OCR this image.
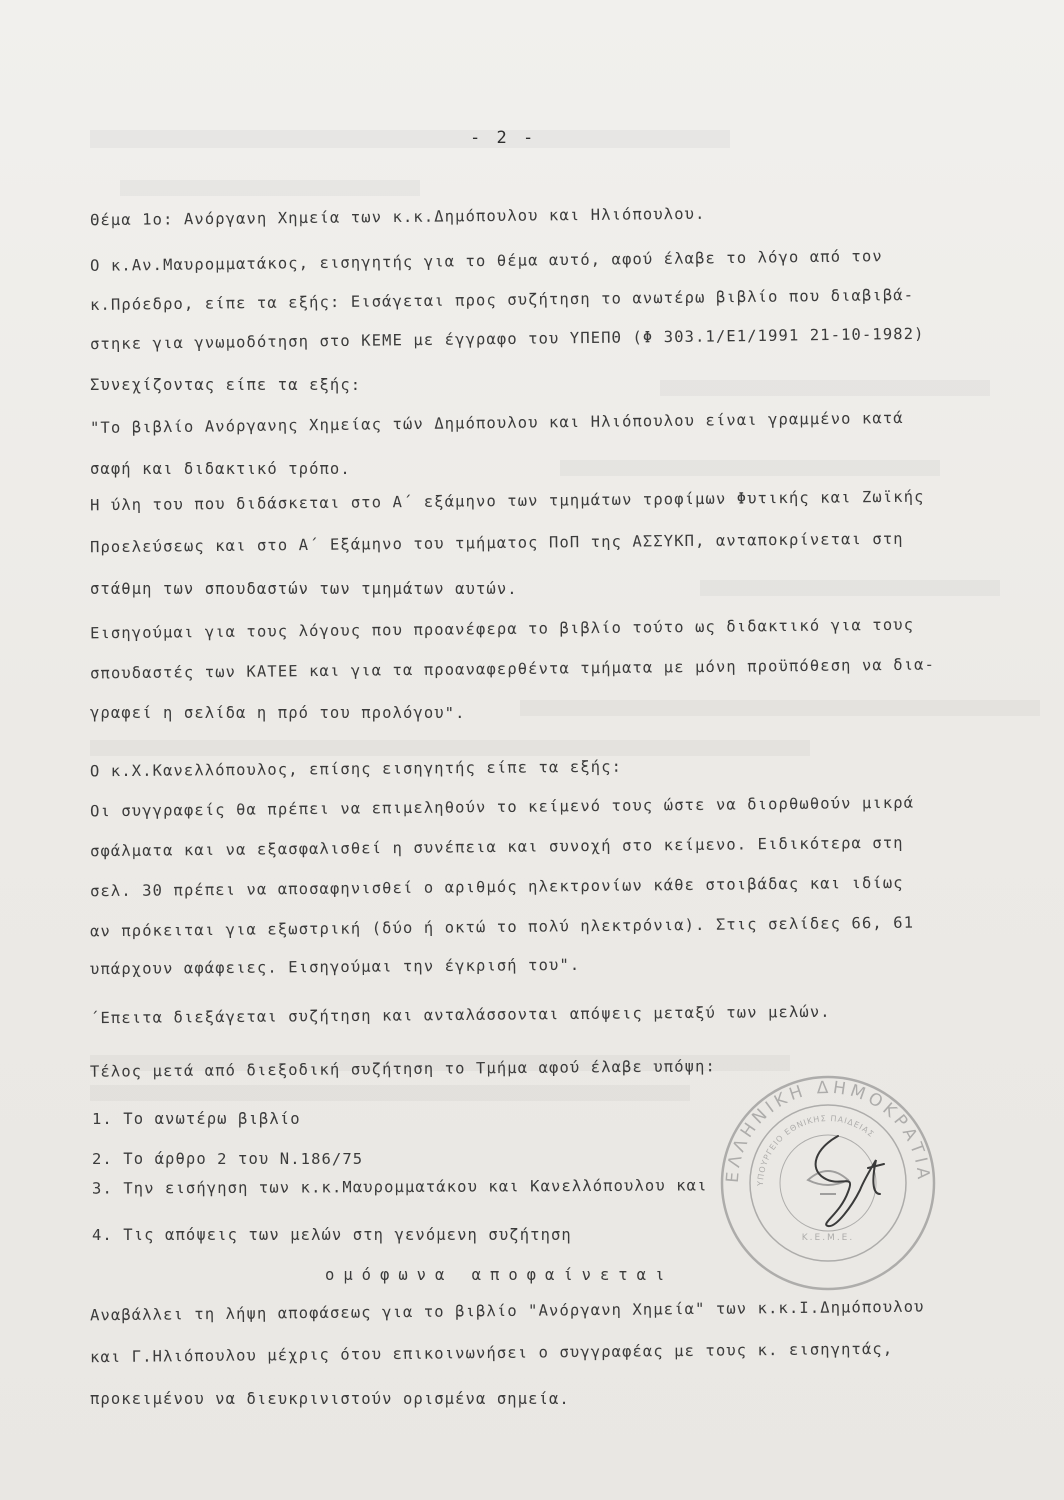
- 2 -
Θέμα 1ο: Ανόργανη Χημεία των κ.κ.Δημόπουλου και Ηλιόπουλου.
Ο κ.Αν.Μαυρομματάκος, εισηγητής για το θέμα αυτό, αφού έλαβε το λόγο από τον
κ.Πρόεδρο, είπε τα εξής: Εισάγεται προς συζήτηση το ανωτέρω βιβλίο που διαβιβά-
στηκε για γνωμοδότηση στο ΚΕΜΕ με έγγραφο του ΥΠΕΠΘ (Φ 303.1/Ε1/1991 21-10-1982)
Συνεχίζοντας είπε τα εξής:
"Το βιβλίο Ανόργανης Χημείας τών Δημόπουλου και Ηλιόπουλου είναι γραμμένο κατά
σαφή και διδακτικό τρόπο.
Η ύλη του που διδάσκεται στο Α΄ εξάμηνο των τμημάτων τροφίμων Φυτικής και Ζωϊκής
Προελεύσεως και στο Α΄ Εξάμηνο του τμήματος ΠοΠ της ΑΣΣΥΚΠ, ανταποκρίνεται στη
στάθμη των σπουδαστών των τμημάτων αυτών.
Εισηγούμαι για τους λόγους που προανέφερα το βιβλίο τούτο ως διδακτικό για τους
σπουδαστές των ΚΑΤΕΕ και για τα προαναφερθέντα τμήματα με μόνη προϋπόθεση να δια-
γραφεί η σελίδα η πρό του προλόγου".
Ο κ.Χ.Κανελλόπουλος, επίσης εισηγητής είπε τα εξής:
Οι συγγραφείς θα πρέπει να επιμεληθούν το κείμενό τους ώστε να διορθωθούν μικρά
σφάλματα και να εξασφαλισθεί η συνέπεια και συνοχή στο κείμενο. Ειδικότερα στη
σελ. 30 πρέπει να αποσαφηνισθεί ο αριθμός ηλεκτρονίων κάθε στοιβάδας και ιδίως
αν πρόκειται για εξωστρική (δύο ή οκτώ το πολύ ηλεκτρόνια). Στις σελίδες 66, 61
υπάρχουν αφάφειες. Εισηγούμαι την έγκρισή του".
΄Επειτα διεξάγεται συζήτηση και ανταλάσσονται απόψεις μεταξύ των μελών.
Τέλος μετά από διεξοδική συζήτηση το Τμήμα αφού έλαβε υπόψη:
1. Το ανωτέρω βιβλίο
2. Το άρθρο 2 του Ν.186/75
3. Την εισήγηση των κ.κ.Μαυρομματάκου και Κανελλόπουλου και
4. Τις απόψεις των μελών στη γενόμενη συζήτηση
ομόφωνα αποφαίνεται
Αναβάλλει τη λήψη αποφάσεως για το βιβλίο "Ανόργανη Χημεία" των κ.κ.Ι.Δημόπουλου
και Γ.Ηλιόπουλου μέχρις ότου επικοινωνήσει ο συγγραφέας με τους κ. εισηγητάς,
προκειμένου να διευκρινιστούν ορισμένα σημεία.
ΕΛΛΗΝΙΚΗ ΔΗΜΟΚΡΑΤΙΑ
ΥΠΟΥΡΓΕΙΟ ΕΘΝΙΚΗΣ ΠΑΙΔΕΙΑΣ
Κ.Ε.Μ.Ε.
